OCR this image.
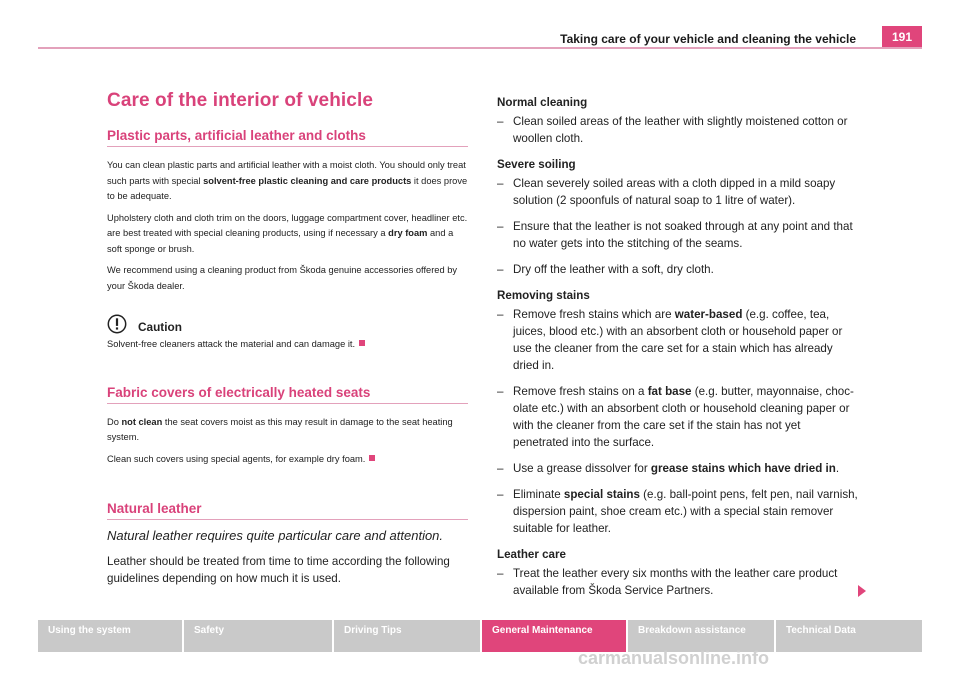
Taking care of your vehicle and cleaning the vehicle	191
Care of the interior of vehicle
Plastic parts, artificial leather and cloths

You can clean plastic parts and artificial leather with a moist cloth. You should only treat such parts with special solvent-free plastic cleaning and care products it does prove to be adequate.

Upholstery cloth and cloth trim on the doors, luggage compartment cover, headliner etc. are best treated with special cleaning products, using if necessary a dry foam and a soft sponge or brush.

We recommend using a cleaning product from Škoda genuine accessories offered by your Škoda dealer.

Caution

Solvent-free cleaners attack the material and can damage it.

Fabric covers of electrically heated seats

Do not clean the seat covers moist as this may result in damage to the seat heating system.

Clean such covers using special agents, for example dry foam.

Natural leather
Natural leather requires quite particular care and attention.

Leather should be treated from time to time according the following guidelines depending on how much it is used.

Normal cleaning
– Clean soiled areas of the leather with slightly moistened cotton or woollen cloth.
Severe soiling
– Clean severely soiled areas with a cloth dipped in a mild soapy solution (2 spoonfuls of natural soap to 1 litre of water).
– Ensure that the leather is not soaked through at any point and that no water gets into the stitching of the seams.
– Dry off the leather with a soft, dry cloth.
Removing stains
– Remove fresh stains which are water-based (e.g. coffee, tea, juices, blood etc.) with an absorbent cloth or household paper or use the cleaner from the care set for a stain which has already dried in.
– Remove fresh stains on a fat base (e.g. butter, mayonnaise, choc-olate etc.) with an absorbent cloth or household cleaning paper or with the cleaner from the care set if the stain has not yet penetrated into the surface.
– Use a grease dissolver for grease stains which have dried in.
– Eliminate special stains (e.g. ball-point pens, felt pen, nail varnish, dispersion paint, shoe cream etc.) with a special stain remover suitable for leather.
Leather care
– Treat the leather every six months with the leather care product available from Škoda Service Partners.
Using the system	Safety	Driving Tips	General Maintenance	Breakdown assistance	Technical Data
carmanualsonline.info
